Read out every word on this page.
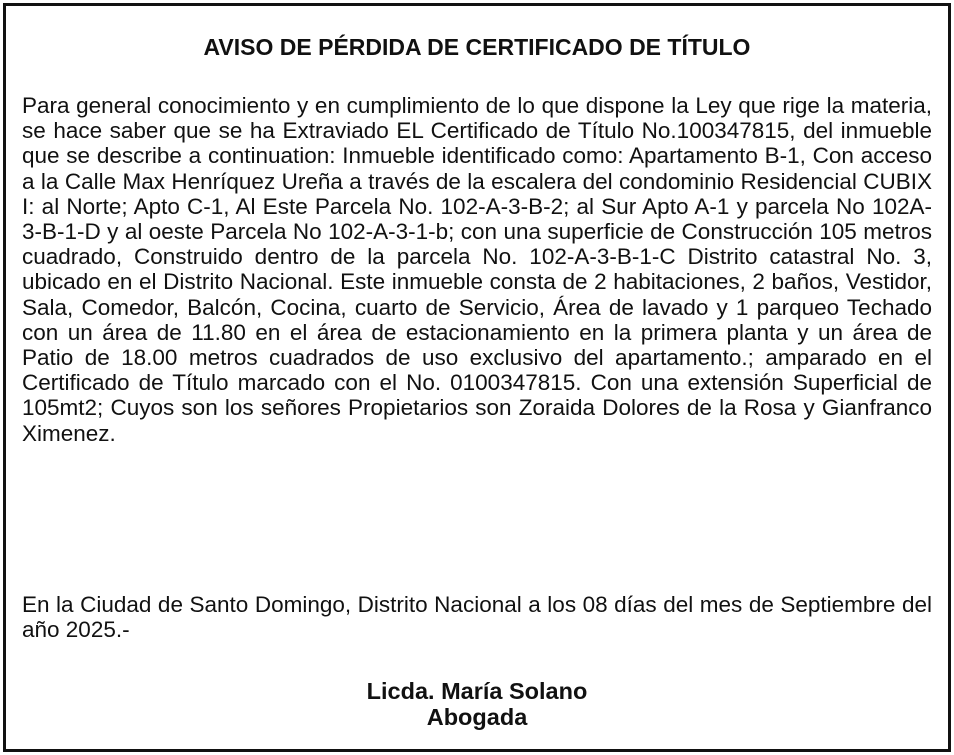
AVISO DE PÉRDIDA DE CERTIFICADO DE TÍTULO

Para general conocimiento y en cumplimiento de lo que dispone la Ley que rige la materia, se hace saber que se ha Extraviado EL Certificado de Título No.100347815, del inmueble que se describe a continuation: Inmueble identificado como: Apartamento B-1, Con acceso a la Calle Max Henríquez Ureña a través de la escalera del condominio Residencial CUBIX I: al Norte; Apto C-1, Al Este Parcela No. 102-A-3-B-2; al Sur Apto A-1 y parcela No 102A-3-B-1-D y al oeste Parcela No 102-A-3-1-b; con una superficie de Construcción 105 metros cuadrado, Construido dentro de la parcela No. 102-A-3-B-1-C Distrito catastral No. 3, ubicado en el Distrito Nacional. Este inmueble consta de 2 habitaciones, 2 baños, Vestidor, Sala, Comedor, Balcón, Cocina, cuarto de Servicio, Área de lavado y 1 parqueo Techado con un área de 11.80 en el área de estacionamiento en la primera planta y un área de Patio de 18.00 metros cuadrados de uso exclusivo del apartamento.; amparado en el Certificado de Título marcado con el No. 0100347815. Con una extensión Superficial de 105mt2; Cuyos son los señores Propietarios son Zoraida Dolores de la Rosa y Gianfranco Ximenez.

En la Ciudad de Santo Domingo, Distrito Nacional a los 08 días del mes de Septiembre del año 2025.-

Licda. María Solano
Abogada
